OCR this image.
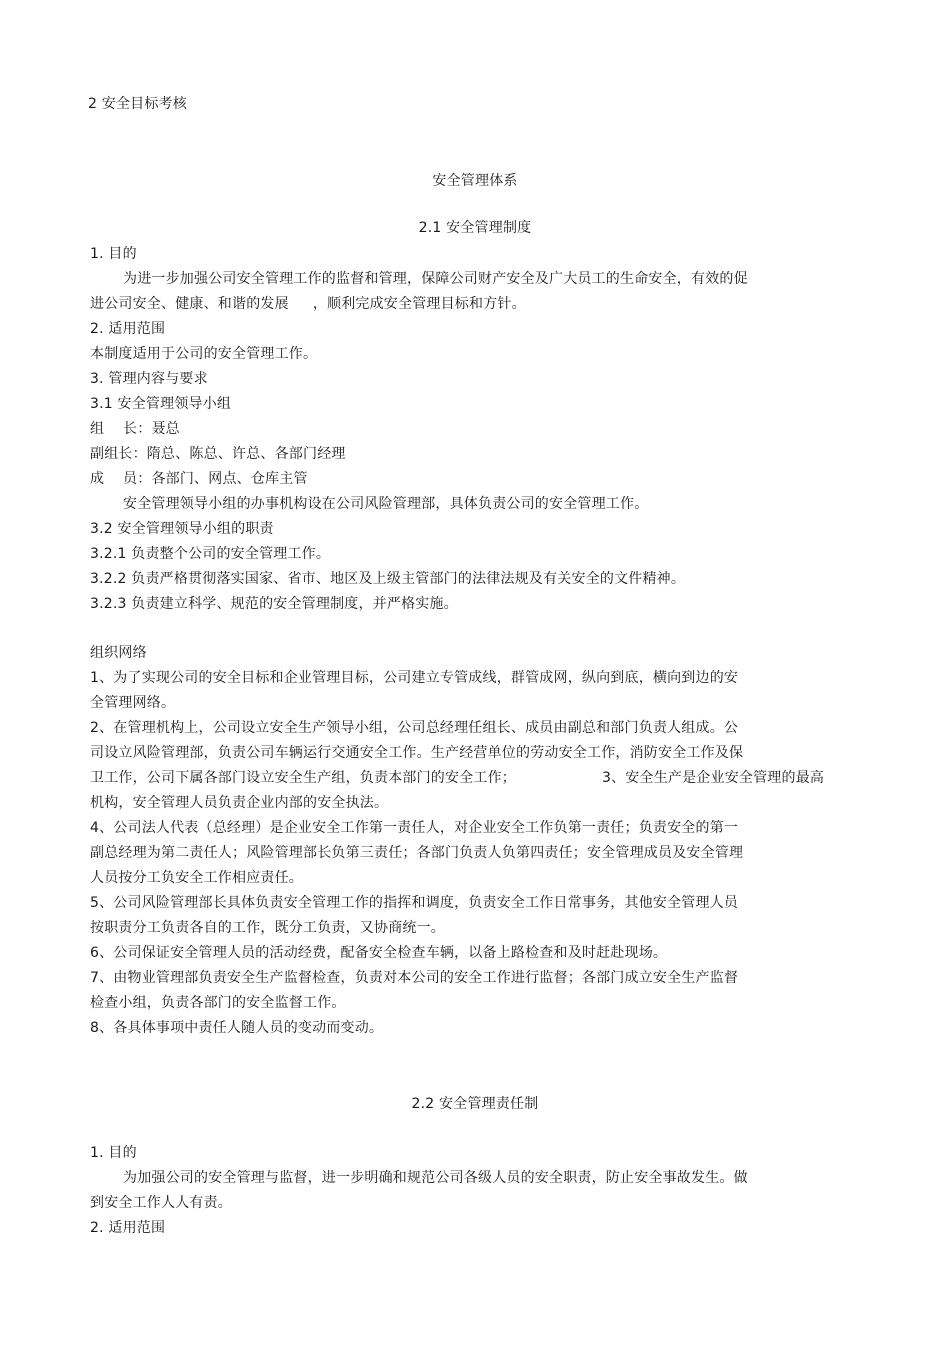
2 安全目标考核
安全管理体系
2.1 安全管理制度
1. 目的
为进一步加强公司安全管理工作的监督和管理，保障公司财产安全及广大员工的生命安全，有效的促
进公司安全、健康、和谐的发展 ，顺利完成安全管理目标和方针。
2. 适用范围
本制度适用于公司的安全管理工作。
3. 管理内容与要求
3.1 安全管理领导小组
组　 长：聂总
副组长：隋总、陈总、许总、各部门经理
成　 员：各部门、网点、仓库主管
安全管理领导小组的办事机构设在公司风险管理部，具体负责公司的安全管理工作。
3.2 安全管理领导小组的职责
3.2.1 负责整个公司的安全管理工作。
3.2.2 负责严格贯彻落实国家、省市、地区及上级主管部门的法律法规及有关安全的文件精神。
3.2.3 负责建立科学、规范的安全管理制度，并严格实施。
组织网络
1、为了实现公司的安全目标和企业管理目标，公司建立专管成线，群管成网，纵向到底，横向到边的安
全管理网络。
2、在管理机构上，公司设立安全生产领导小组，公司总经理任组长、成员由副总和部门负责人组成。公
司设立风险管理部，负责公司车辆运行交通安全工作。生产经营单位的劳动安全工作，消防安全工作及保
卫工作，公司下属各部门设立安全生产组，负责本部门的安全工作；	3、安全生产是企业安全管理的最高
机构，安全管理人员负责企业内部的安全执法。
4、公司法人代表（总经理）是企业安全工作第一责任人，对企业安全工作负第一责任；负责安全的第一
副总经理为第二责任人；风险管理部长负第三责任；各部门负责人负第四责任；安全管理成员及安全管理
人员按分工负安全工作相应责任。
5、公司风险管理部长具体负责安全管理工作的指挥和调度，负责安全工作日常事务，其他安全管理人员
按职责分工负责各自的工作，既分工负责，又协商统一。
6、公司保证安全管理人员的活动经费，配备安全检查车辆，以备上路检查和及时赶赴现场。
7、由物业管理部负责安全生产监督检查，负责对本公司的安全工作进行监督；各部门成立安全生产监督
检查小组，负责各部门的安全监督工作。
8、各具体事项中责任人随人员的变动而变动。
2.2 安全管理责任制
1. 目的
为加强公司的安全管理与监督，进一步明确和规范公司各级人员的安全职责，防止安全事故发生。做
到安全工作人人有责。
2. 适用范围
